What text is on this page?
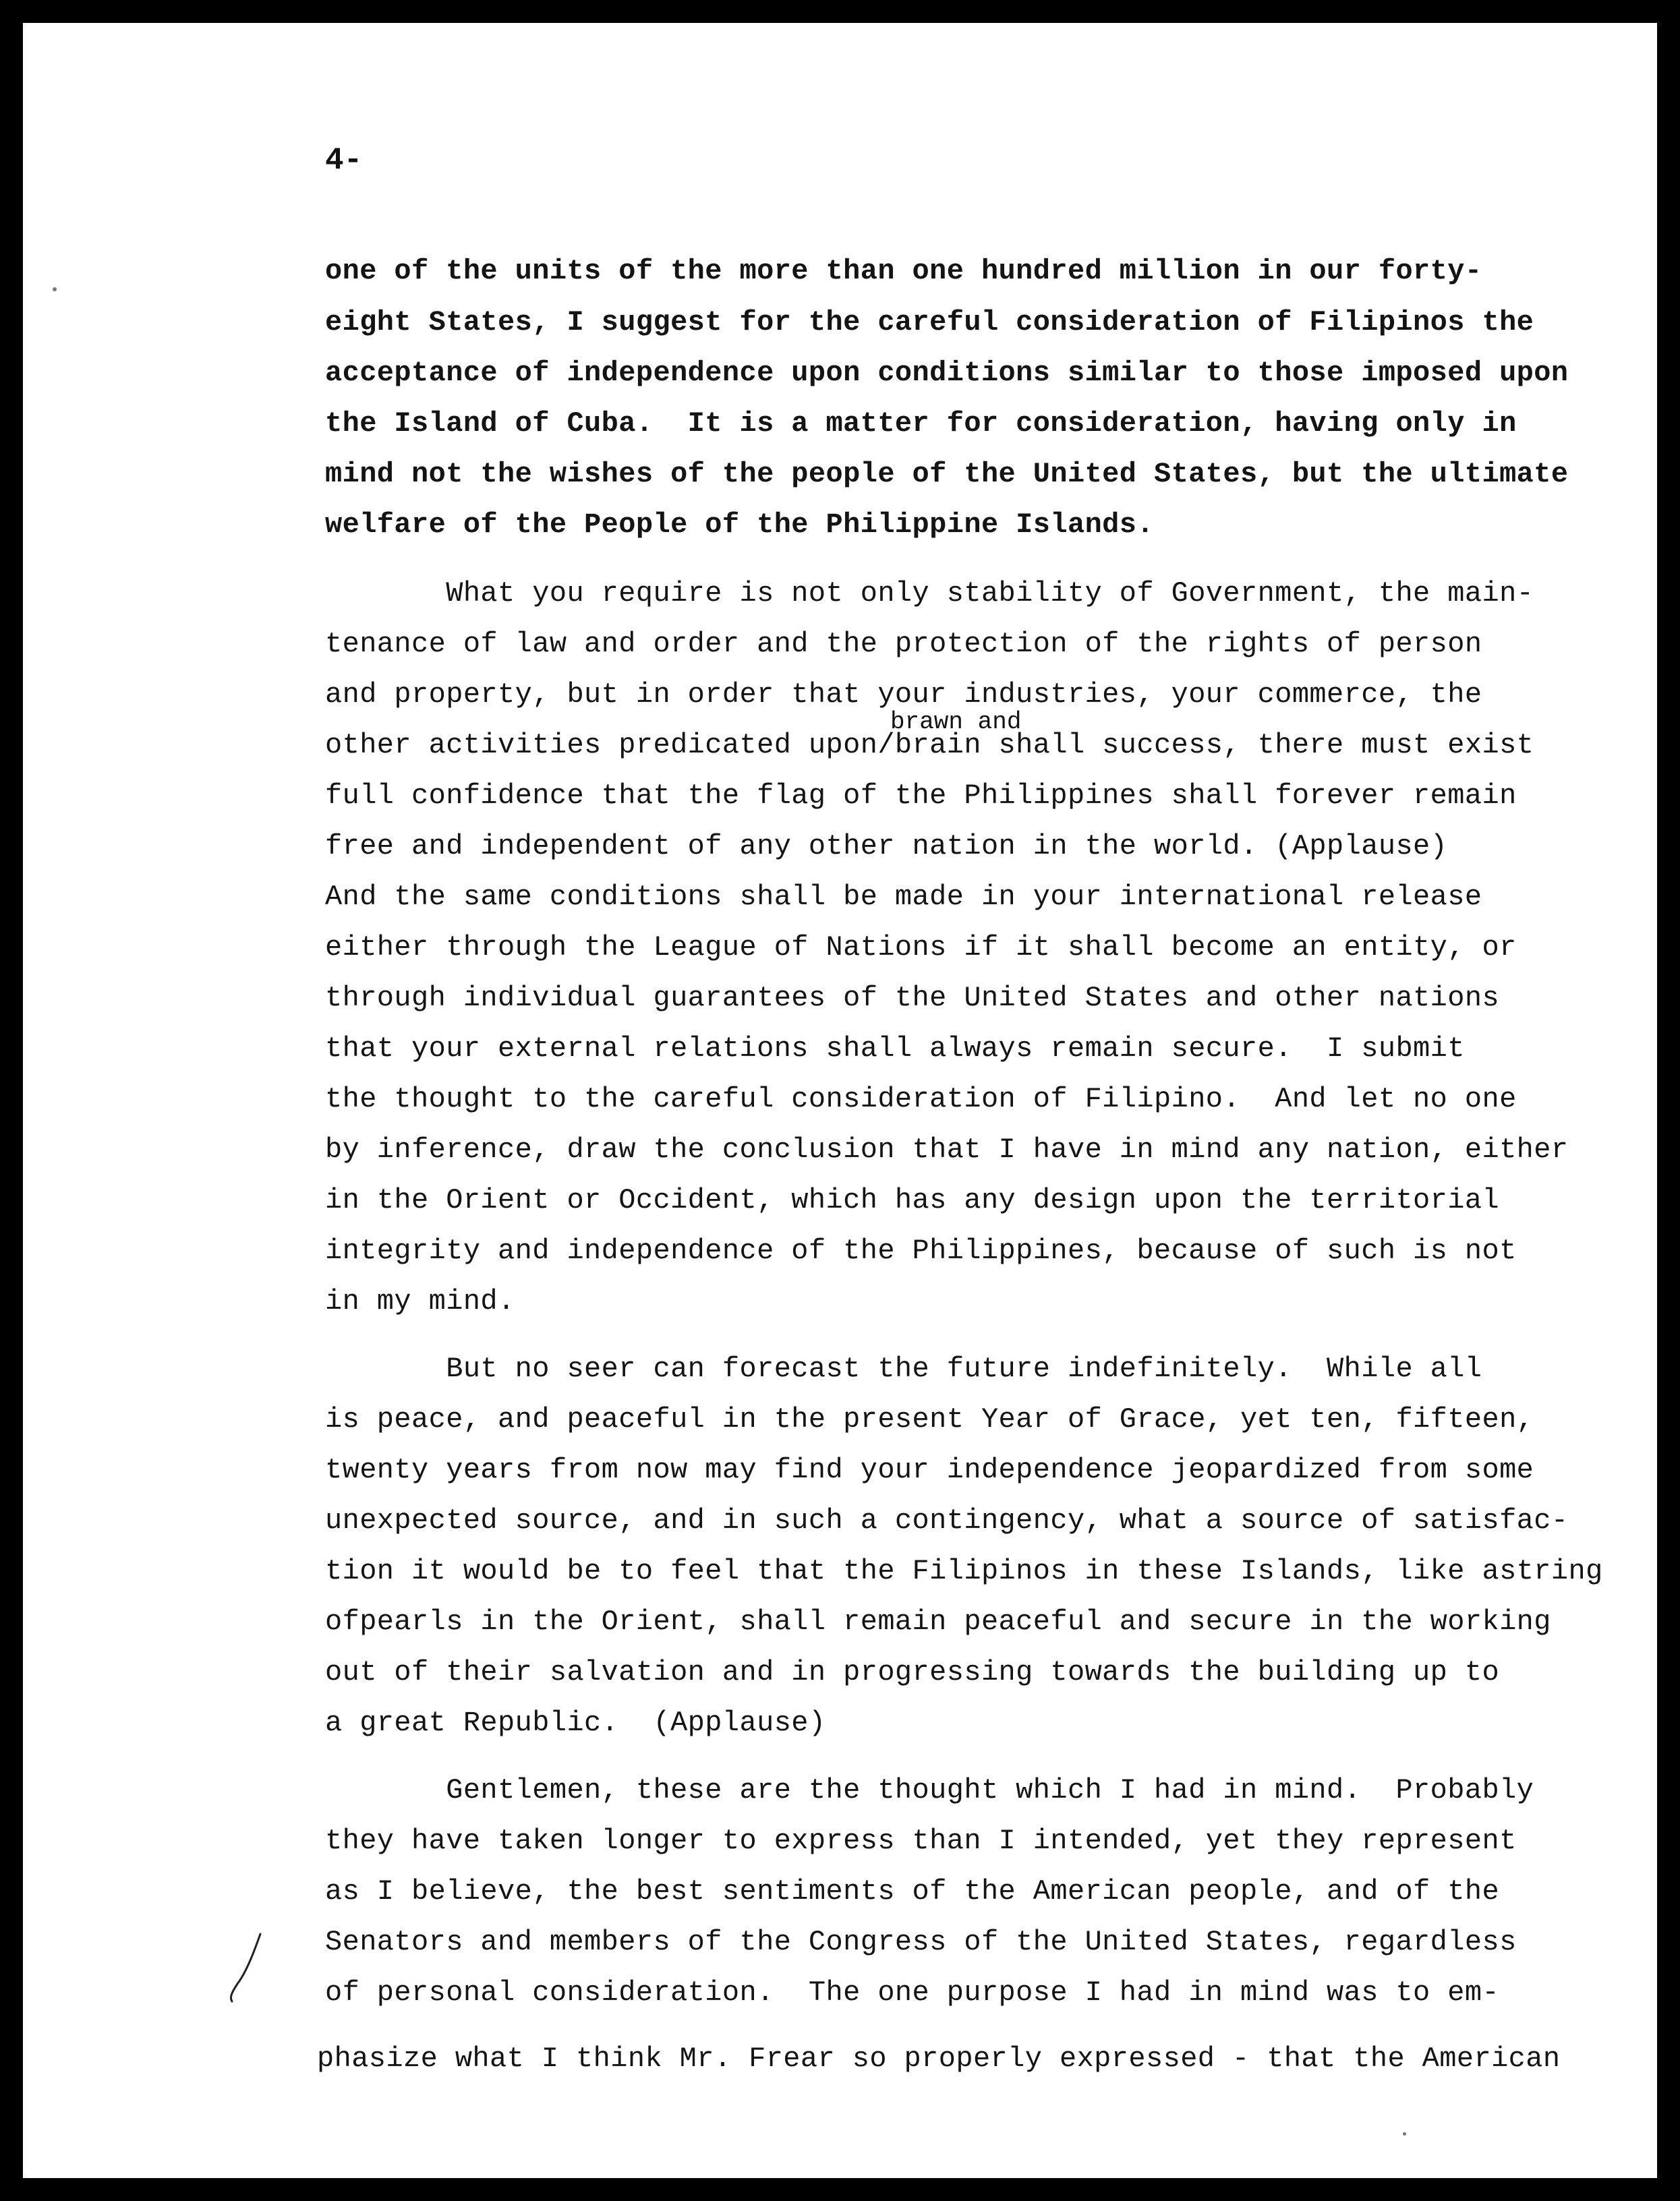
4-
one of the units of the more than one hundred million in our forty-
eight States, I suggest for the careful consideration of Filipinos the
acceptance of independence upon conditions similar to those imposed upon
the Island of Cuba.  It is a matter for consideration, having only in
mind not the wishes of the people of the United States, but the ultimate
welfare of the People of the Philippine Islands.
What you require is not only stability of Government, the main-
tenance of law and order and the protection of the rights of person
and property, but in order that your industries, your commerce, the
brawn and
other activities predicated upon/brain shall success, there must exist
full confidence that the flag of the Philippines shall forever remain
free and independent of any other nation in the world. (Applause)
And the same conditions shall be made in your international release
either through the League of Nations if it shall become an entity, or
through individual guarantees of the United States and other nations
that your external relations shall always remain secure.  I submit
the thought to the careful consideration of Filipino.  And let no one
by inference, draw the conclusion that I have in mind any nation, either
in the Orient or Occident, which has any design upon the territorial
integrity and independence of the Philippines, because of such is not
in my mind.
But no seer can forecast the future indefinitely.  While all
is peace, and peaceful in the present Year of Grace, yet ten, fifteen,
twenty years from now may find your independence jeopardized from some
unexpected source, and in such a contingency, what a source of satisfac-
tion it would be to feel that the Filipinos in these Islands, like astring
ofpearls in the Orient, shall remain peaceful and secure in the working
out of their salvation and in progressing towards the building up to
a great Republic.  (Applause)
Gentlemen, these are the thought which I had in mind.  Probably
they have taken longer to express than I intended, yet they represent
as I believe, the best sentiments of the American people, and of the
Senators and members of the Congress of the United States, regardless
of personal consideration.  The one purpose I had in mind was to em-
phasize what I think Mr. Frear so properly expressed - that the American
